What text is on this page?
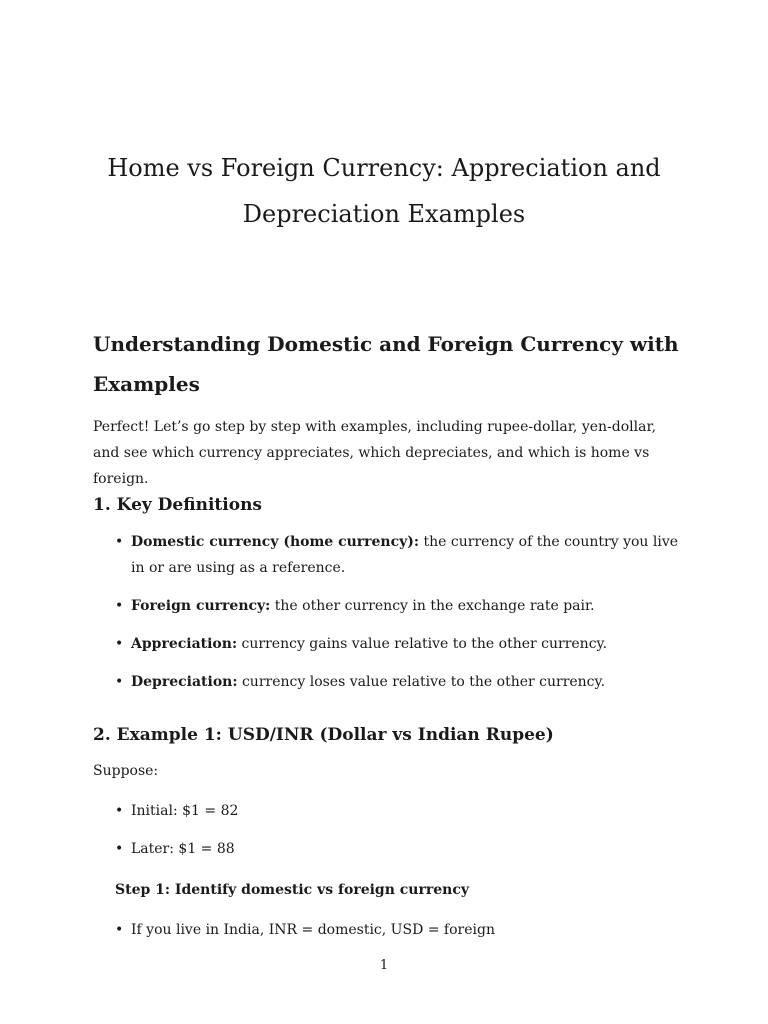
Home vs Foreign Currency: Appreciation and
Depreciation Examples
Understanding Domestic and Foreign Currency with Examples

Perfect! Let’s go step by step with examples, including rupee-dollar, yen-dollar, and see which currency appreciates, which depreciates, and which is home vs foreign.

1. Key Definitions
• Domestic currency (home currency): the currency of the country you live in or are using as a reference.
• Foreign currency: the other currency in the exchange rate pair.
• Appreciation: currency gains value relative to the other currency.
• Depreciation: currency loses value relative to the other currency.
2. Example 1: USD/INR (Dollar vs Indian Rupee)

Suppose:

• Initial: $1 = 82
• Later: $1 = 88
Step 1: Identify domestic vs foreign currency
• If you live in India, INR = domestic, USD = foreign
1
